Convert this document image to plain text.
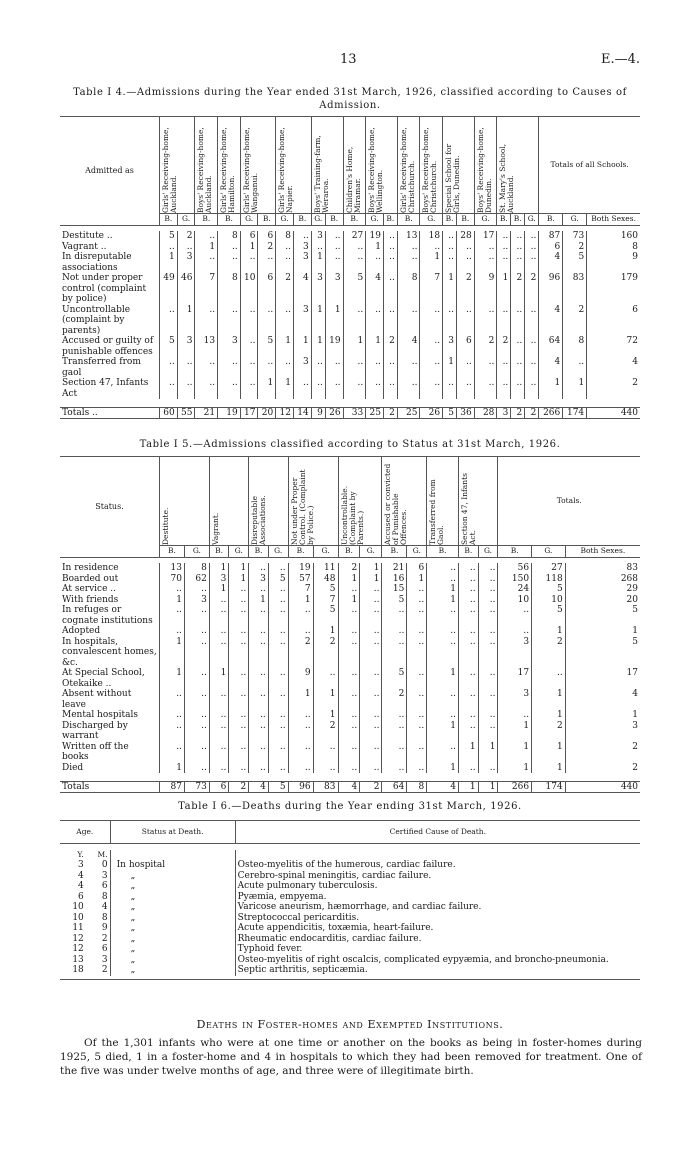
13	E.—4.
Table I 4.—Admissions during the Year ended 31st March, 1926, classified according to Causes of Admission.
Admitted as	Girls' Receiving-home, Auckland.		Boys' Receiving-home, Auckland.	Girls' Receiving-home, Hamilton.	Girls' Receiving-home, Wanganui.		Girls' Receiving-home, Napier.		Boys' Training-farm, Weraroa.		Children's Home, Miramar.	Boys' Receiving-home, Wellington.		Girls' Receiving-home, Christchurch.	Boys' Receiving-home, Christchurch.	Special School for Girls, Dunedin.		Boys' Receiving-home, Dunedin.	St. Mary's School, Auckland.			Totals of all Schools.		
	B.	G.	B.	B.	G.	B.	G.	B.	G.	B.	B.	G.	B.	B.	G.	B.	B.	G.	B.	B.	G.	B.	G.	Both Sexes.

Destitute ..	5	2	..	8	6	6	8	..	3	..	27	19	..	13	18	..	28	17	..	..	..	87	73	160
Vagrant ..	..	..	1	..	1	2	..	3	..	..	..	1	..	..	..	..	..	..	..	..	..	6	2	8
In disreputable associations	1	3	..	..	..	..	..	3	1	..	..	..	..	..	1	..	..	..	..	..	..	4	5	9
Not under proper control (complaint by police)	49	46	7	8	10	6	2	4	3	3	5	4	..	8	7	1	2	9	1	2	2	96	83	179
Uncontrollable (complaint by parents)	..	1	..	..	..	..	..	3	1	1	..	..	..	..	..	..	..	..	..	..	..	4	2	6
Accused or guilty of punishable offences	5	3	13	3	..	5	1	1	1	19	1	1	2	4	..	3	6	2	2	..	..	64	8	72
Transferred from gaol	..	..	..	..	..	..	..	3	..	..	..	..	..	..	..	1	..	..	..	..	..	4	..	4
Section 47, Infants Act	..	..	..	..	..	1	1	..	..	..	..	..	..	..	..	..	..	..	..	..	..	1	1	2

Totals ..	60	55	21	19	17	20	12	14	9	26	33	25	2	25	26	5	36	28	3	2	2	266	174	440
Table I 5.—Admissions classified according to Status at 31st March, 1926.
Status.	Destitute.		Vagrant.		Disreputable Associations.		Not under Proper Control. (Complaint by Police.)		Uncontrollable. (Complaint by Parents.)		Accused or convicted of Punishable Offences.		Transferred from Gaol.	Section 47, Infants Act.		Totals.		
	B.	G.	B.	G.	B.	G.	B.	G.	B.	G.	B.	G.	B.	B.	G.	B.	G.	Both Sexes.

In residence	13	8	1	1	..	..	19	11	2	1	21	6	..	..	..	56	27	83
Boarded out	70	62	3	1	3	5	57	48	1	1	16	1	..	..	..	150	118	268
At service ..	..	..	1	..	..	..	7	5	..	..	15	..	1	..	..	24	5	29
With friends	1	3	..	..	1	..	1	7	1	..	5	..	1	..	..	10	10	20
In refuges or cognate institutions	..	..	..	..	..	..	..	5	..	..	..	..	..	..	..	..	5	5
Adopted	..	..	..	..	..	..	..	1	..	..	..	..	..	..	..	..	1	1
In hospitals, convalescent homes, &c.	1	..	..	..	..	..	2	2	..	..	..	..	..	..	..	3	2	5
At Special School, Otekaike ..	1	..	1	..	..	..	9	..	..	..	5	..	1	..	..	17	..	17
Absent without leave	..	..	..	..	..	..	1	1	..	..	2	..	..	..	..	3	1	4
Mental hospitals	..	..	..	..	..	..	..	1	..	..	..	..	..	..	..	..	1	1
Discharged by warrant	..	..	..	..	..	..	..	2	..	..	..	..	1	..	..	1	2	3
Written off the books	..	..	..	..	..	..	..	..	..	..	..	..	..	1	1	1	1	2
Died	1	..	..	..	..	..	..	..	..	..	..	..	1	..	..	1	1	2

Totals	87	73	6	2	4	5	96	83	4	2	64	8	4	1	1	266	174	440
Table I 6.—Deaths during the Year ending 31st March, 1926.
Age.		Status at Death.	Certified Cause of Death.

Y.	M.		
3	0	In hospital	Osteo-myelitis of the humerous, cardiac failure.
4	3	„	Cerebro-spinal meningitis, cardiac failure.
4	6	„	Acute pulmonary tuberculosis.
6	8	„	Pyæmia, empyema.
10	4	„	Varicose aneurism, hæmorrhage, and cardiac failure.
10	8	„	Streptococcal pericarditis.
11	9	„	Acute appendicitis, toxæmia, heart-failure.
12	2	„	Rheumatic endocarditis, cardiac failure.
12	6	„	Typhoid fever.
13	3	„	Osteo-myelitis of right oscalcis, complicated eypyæmia, and broncho-pneumonia.
18	2	„	Septic arthritis, septicæmia.

Deaths in Foster-homes and Exempted Institutions.
Of the 1,301 infants who were at one time or another on the books as being in foster-homes during 1925, 5 died, 1 in a foster-home and 4 in hospitals to which they had been removed for treatment. One of the five was under twelve months of age, and three were of illegitimate birth.
